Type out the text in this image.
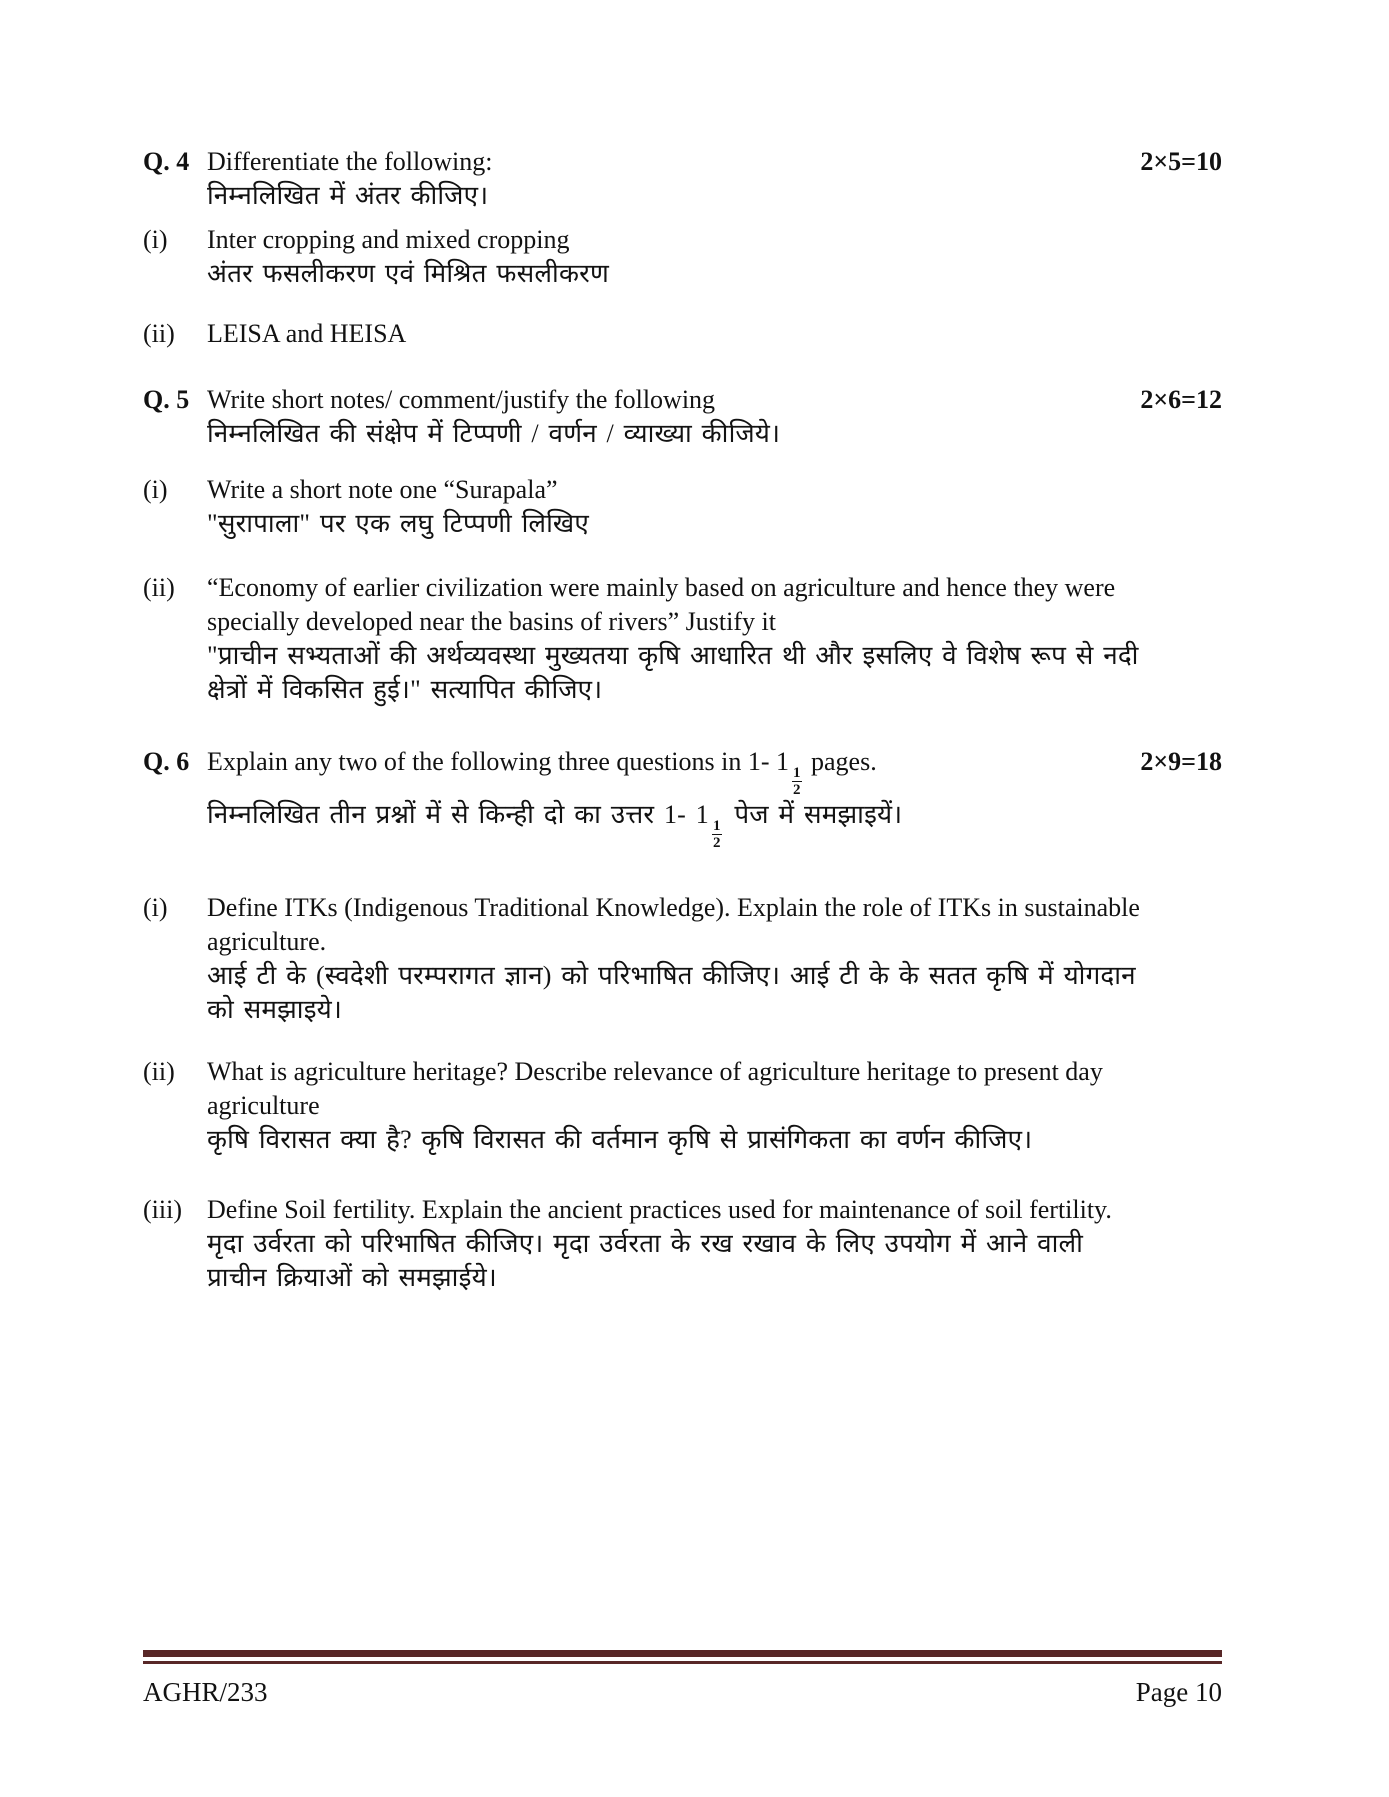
Q. 4 Differentiate the following:
निम्नलिखित में अंतर कीजिए।
2×5=10
(i)	Inter cropping and mixed cropping
अंतर फसलीकरण एवं मिश्रित फसलीकरण
(ii)	LEISA and HEISA
Q. 5 Write short notes/ comment/justify the following
निम्नलिखित की संक्षेप में टिप्पणी / वर्णन / व्याख्या कीजिये।
2×6=12
(i)	Write a short note one “Surapala”
"सुरापाला" पर एक लघु टिप्पणी लिखिए
(ii)	“Economy of earlier civilization were mainly based on agriculture and hence they were
specially developed near the basins of rivers” Justify it
"प्राचीन सभ्यताओं की अर्थव्यवस्था मुख्यतया कृषि आधारित थी और इसलिए वे विशेष रूप से नदी
क्षेत्रों में विकसित हुई।" सत्यापित कीजिए।
Q. 6 Explain any two of the following three questions in 1- 1
$\frac{1}{2}$
pages.
निम्नलिखित तीन प्रश्नों में से किन्ही दो का उत्तर 1- 1
$\frac{1}{2}$
पेज में समझाइयें।
2×9=18
(i)	Define ITKs (Indigenous Traditional Knowledge). Explain the role of ITKs in sustainable
agriculture.
आई टी के (स्वदेशी परम्परागत ज्ञान) को परिभाषित कीजिए। आई टी के के सतत कृषि में योगदान
को समझाइये।
(ii)	What is agriculture heritage? Describe relevance of agriculture heritage to present day
agriculture
कृषि विरासत क्या है? कृषि विरासत की वर्तमान कृषि से प्रासंगिकता का वर्णन कीजिए।
(iii) Define Soil fertility. Explain the ancient practices used for maintenance of soil fertility.
मृदा उर्वरता को परिभाषित कीजिए। मृदा उर्वरता के रख रखाव के लिए उपयोग में आने वाली
प्राचीन क्रियाओं को समझाईये।
AGHR/233	Page 10
